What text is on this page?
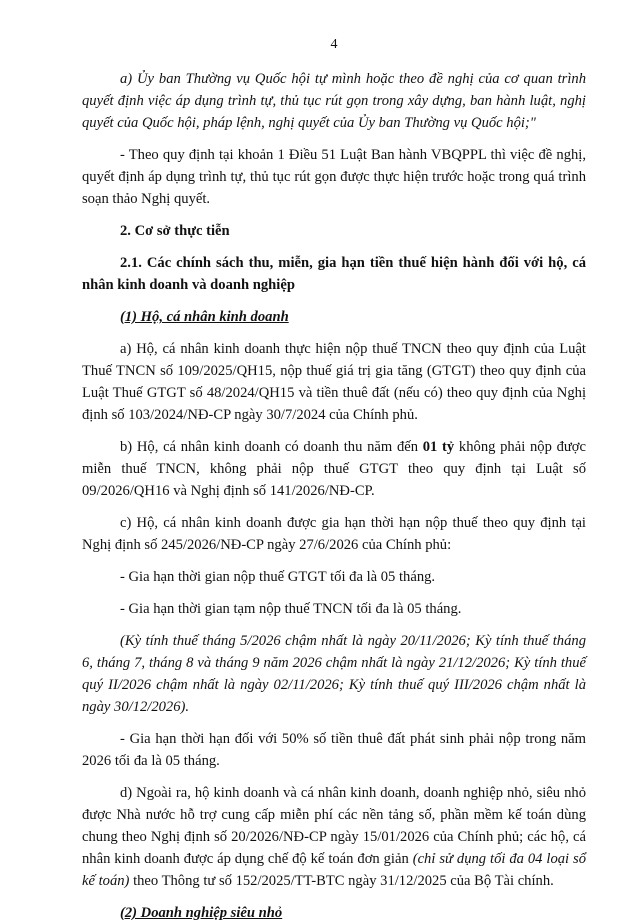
4

a) Ủy ban Thường vụ Quốc hội tự mình hoặc theo đề nghị của cơ quan trình quyết định việc áp dụng trình tự, thủ tục rút gọn trong xây dựng, ban hành luật, nghị quyết của Quốc hội, pháp lệnh, nghị quyết của Ủy ban Thường vụ Quốc hội;"

- Theo quy định tại khoản 1 Điều 51 Luật Ban hành VBQPPL thì việc đề nghị, quyết định áp dụng trình tự, thủ tục rút gọn được thực hiện trước hoặc trong quá trình soạn thảo Nghị quyết.

2. Cơ sở thực tiễn

2.1. Các chính sách thu, miễn, gia hạn tiền thuế hiện hành đối với hộ, cá nhân kinh doanh và doanh nghiệp

(1) Hộ, cá nhân kinh doanh

a) Hộ, cá nhân kinh doanh thực hiện nộp thuế TNCN theo quy định của Luật Thuế TNCN số 109/2025/QH15, nộp thuế giá trị gia tăng (GTGT) theo quy định của Luật Thuế GTGT số 48/2024/QH15 và tiền thuê đất (nếu có) theo quy định của Nghị định số 103/2024/NĐ-CP ngày 30/7/2024 của Chính phủ.

b) Hộ, cá nhân kinh doanh có doanh thu năm đến 01 tỷ không phải nộp được miễn thuế TNCN, không phải nộp thuế GTGT theo quy định tại Luật số 09/2026/QH16 và Nghị định số 141/2026/NĐ-CP.

c) Hộ, cá nhân kinh doanh được gia hạn thời hạn nộp thuế theo quy định tại Nghị định số 245/2026/NĐ-CP ngày 27/6/2026 của Chính phủ:

- Gia hạn thời gian nộp thuế GTGT tối đa là 05 tháng.

- Gia hạn thời gian tạm nộp thuế TNCN tối đa là 05 tháng.

(Kỳ tính thuế tháng 5/2026 chậm nhất là ngày 20/11/2026; Kỳ tính thuế tháng 6, tháng 7, tháng 8 và tháng 9 năm 2026 chậm nhất là ngày 21/12/2026; Kỳ tính thuế quý II/2026 chậm nhất là ngày 02/11/2026; Kỳ tính thuế quý III/2026 chậm nhất là ngày 30/12/2026).

- Gia hạn thời hạn đối với 50% số tiền thuê đất phát sinh phải nộp trong năm 2026 tối đa là 05 tháng.

d) Ngoài ra, hộ kinh doanh và cá nhân kinh doanh, doanh nghiệp nhỏ, siêu nhỏ được Nhà nước hỗ trợ cung cấp miễn phí các nền tảng số, phần mềm kế toán dùng chung theo Nghị định số 20/2026/NĐ-CP ngày 15/01/2026 của Chính phủ; các hộ, cá nhân kinh doanh được áp dụng chế độ kế toán đơn giản (chỉ sử dụng tối đa 04 loại sổ kế toán) theo Thông tư số 152/2025/TT-BTC ngày 31/12/2025 của Bộ Tài chính.

(2) Doanh nghiệp siêu nhỏ
